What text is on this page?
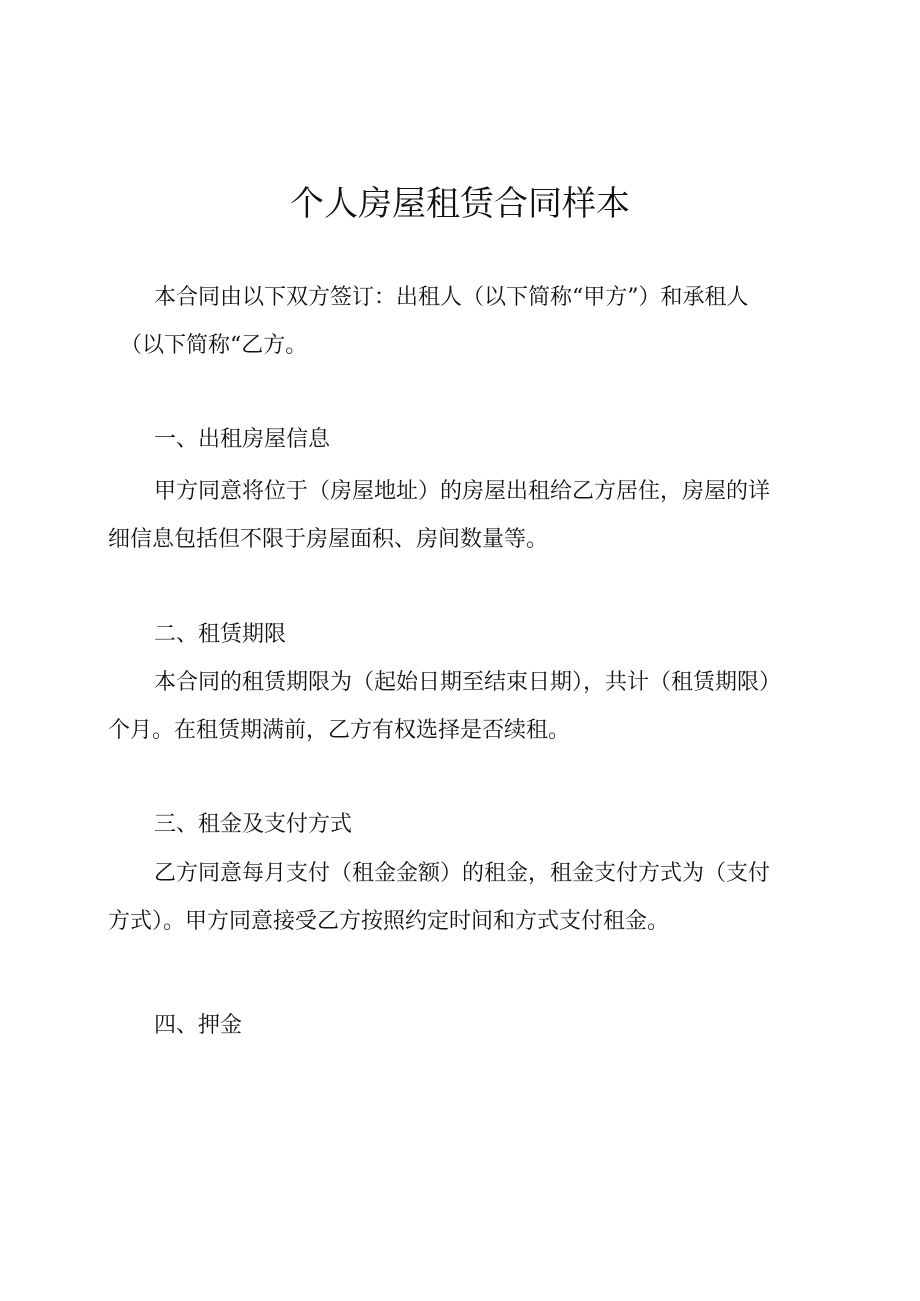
个人房屋租赁合同样本
本合同由以下双方签订：出租人（以下简称“甲方”）和承租人
（以下简称“乙方。
一、出租房屋信息
甲方同意将位于（房屋地址）的房屋出租给乙方居住，房屋的详
细信息包括但不限于房屋面积、房间数量等。
二、租赁期限
本合同的租赁期限为（起始日期至结束日期），共计（租赁期限）
个月。在租赁期满前，乙方有权选择是否续租。
三、租金及支付方式
乙方同意每月支付（租金金额）的租金，租金支付方式为（支付
方式）。甲方同意接受乙方按照约定时间和方式支付租金。
四、押金
